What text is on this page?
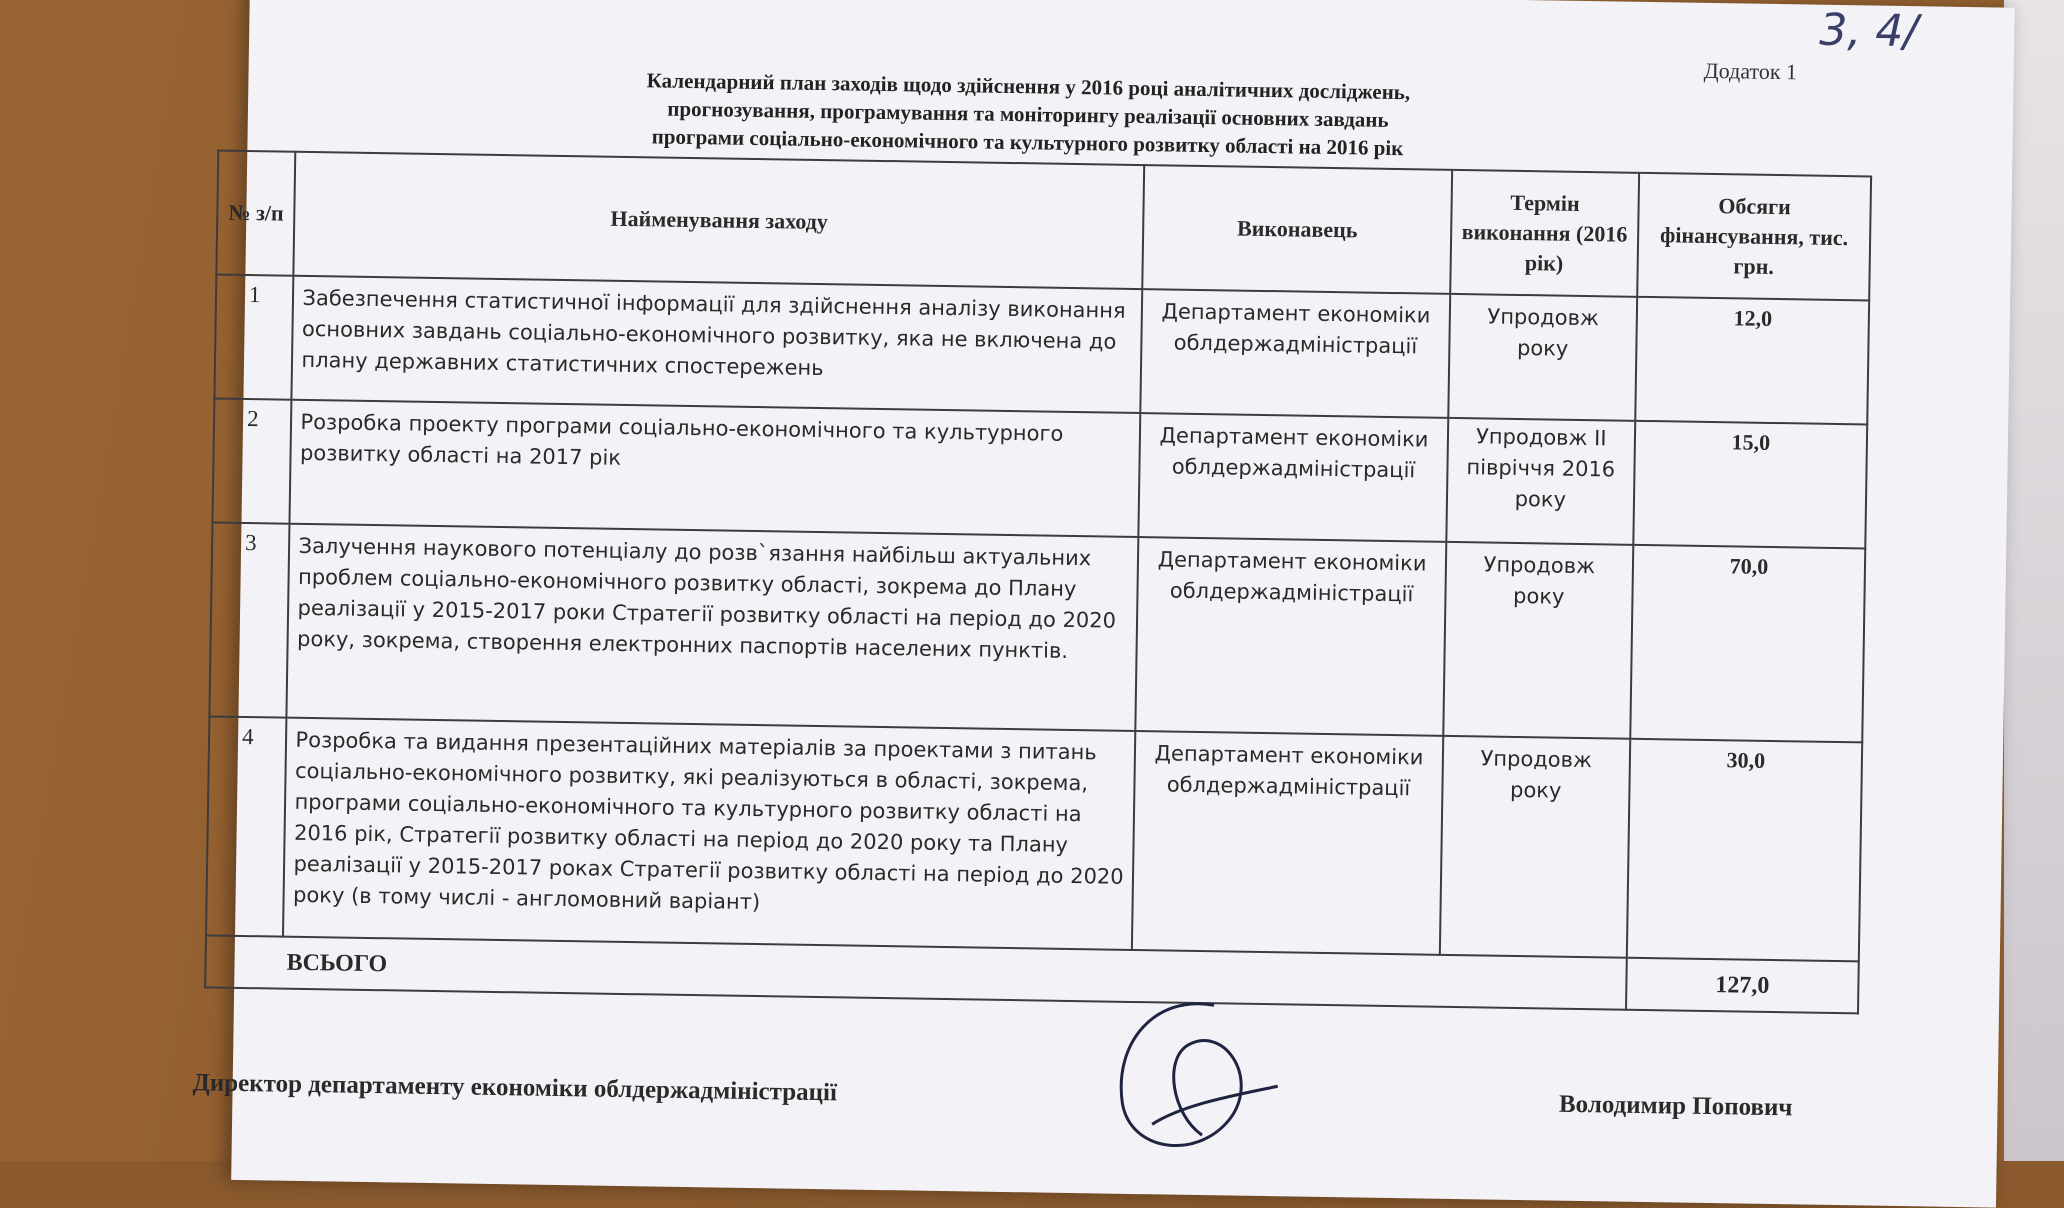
3, 4/
Додаток 1
Календарний план заходів щодо здійснення у 2016 році аналітичних досліджень,
прогнозування, програмування та моніторингу реалізації основних завдань
програми соціально-економічного та культурного розвитку області на 2016 рік
№ з/п	Найменування заходу	Виконавець	Термін виконання (2016 рік)	Обсяги фінансування, тис. грн.
1	Забезпечення статистичної інформації для здійснення аналізу виконання основних завдань соціально-економічного розвитку, яка не включена до плану державних статистичних спостережень	Департамент економіки облдержадміністрації	Упродовж року	12,0
2	Розробка проекту програми соціально-економічного та культурного розвитку області на 2017 рік	Департамент економіки облдержадміністрації	Упродовж II півріччя 2016 року	15,0
3	Залучення наукового потенціалу до розв`язання найбільш актуальних проблем соціально-економічного розвитку області, зокрема до Плану реалізації у 2015-2017 роки Стратегії розвитку області на період до 2020 року, зокрема, створення електронних паспортів населених пунктів.	Департамент економіки облдержадміністрації	Упродовж року	70,0
4	Розробка та видання презентаційних матеріалів за проектами з питань соціально-економічного розвитку, які реалізуються в області, зокрема, програми соціально-економічного та культурного розвитку області на 2016 рік, Стратегії розвитку області на період до 2020 року та Плану реалізації у 2015-2017 роках Стратегії розвитку області на період до 2020 року (в тому числі - англомовний варіант)	Департамент економіки облдержадміністрації	Упродовж року	30,0
ВСЬОГО				127,0
Директор департаменту економіки облдержадміністрації	Володимир Попович
